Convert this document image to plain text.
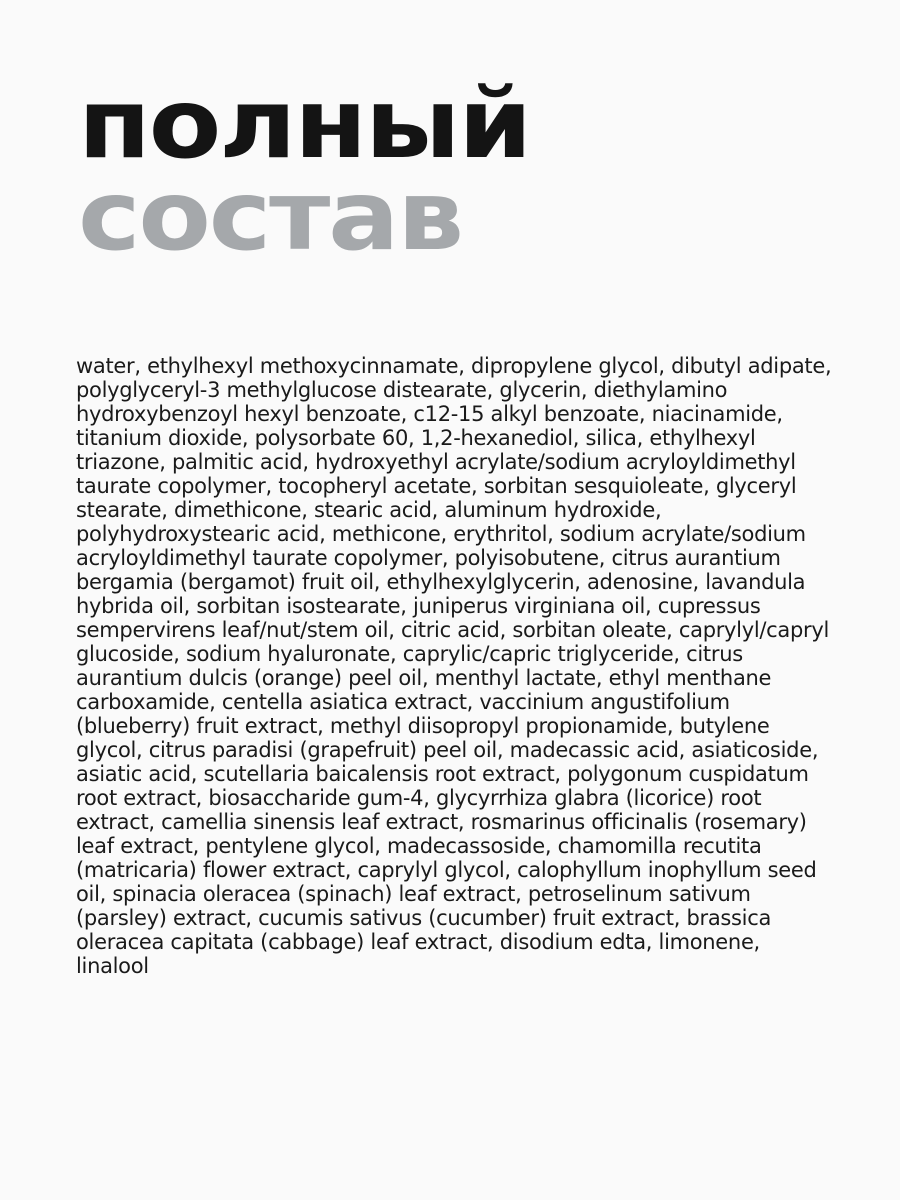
полный
состав

water, ethylhexyl methoxycinnamate, dipropylene glycol, dibutyl adipate, polyglyceryl-3 methylglucose distearate, glycerin, diethylamino hydroxybenzoyl hexyl benzoate, c12-15 alkyl benzoate, niacinamide, titanium dioxide, polysorbate 60, 1,2-hexanediol, silica, ethylhexyl triazone, palmitic acid, hydroxyethyl acrylate/sodium acryloyldimethyl taurate copolymer, tocopheryl acetate, sorbitan sesquioleate, glyceryl stearate, dimethicone, stearic acid, aluminum hydroxide, polyhydroxystearic acid, methicone, erythritol, sodium acrylate/sodium acryloyldimethyl taurate copolymer, polyisobutene, citrus aurantium bergamia (bergamot) fruit oil, ethylhexylglycerin, adenosine, lavandula hybrida oil, sorbitan isostearate, juniperus virginiana oil, cupressus sempervirens leaf/nut/stem oil, citric acid, sorbitan oleate, caprylyl/capryl glucoside, sodium hyaluronate, caprylic/capric triglyceride, citrus aurantium dulcis (orange) peel oil, menthyl lactate, ethyl menthane carboxamide, centella asiatica extract, vaccinium angustifolium (blueberry) fruit extract, methyl diisopropyl propionamide, butylene glycol, citrus paradisi (grapefruit) peel oil, madecassic acid, asiaticoside, asiatic acid, scutellaria baicalensis root extract, polygonum cuspidatum root extract, biosaccharide gum-4, glycyrrhiza glabra (licorice) root extract, camellia sinensis leaf extract, rosmarinus officinalis (rosemary) leaf extract, pentylene glycol, madecassoside, chamomilla recutita (matricaria) flower extract, caprylyl glycol, calophyllum inophyllum seed oil, spinacia oleracea (spinach) leaf extract, petroselinum sativum (parsley) extract, cucumis sativus (cucumber) fruit extract, brassica oleracea capitata (cabbage) leaf extract, disodium edta, limonene, linalool
